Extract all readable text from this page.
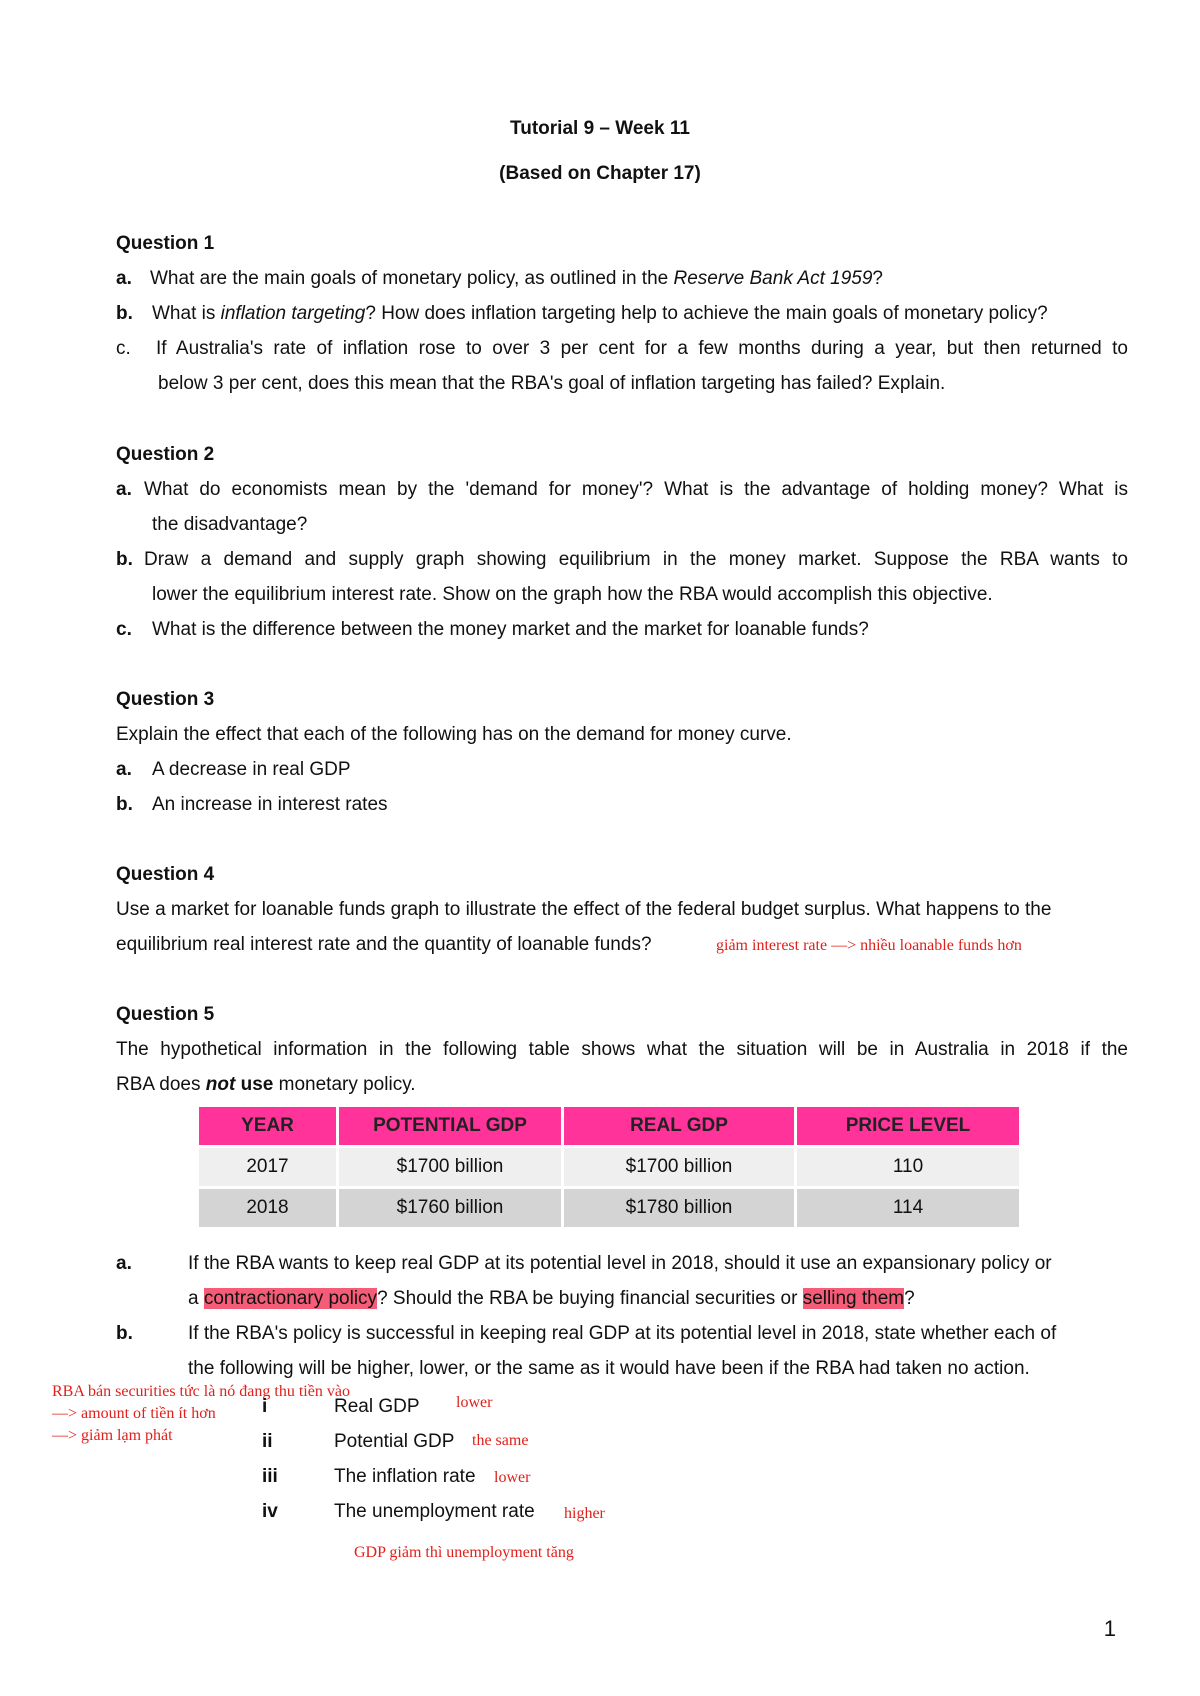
Tutorial 9 – Week 11
(Based on Chapter 17)
Question 1
a. What are the main goals of monetary policy, as outlined in the Reserve Bank Act 1959?
b. What is inflation targeting? How does inflation targeting help to achieve the main goals of monetary policy?
c. If Australia's rate of inflation rose to over 3 per cent for a few months during a year, but then returned to
below 3 per cent, does this mean that the RBA's goal of inflation targeting has failed? Explain.
Question 2
a. What do economists mean by the 'demand for money'? What is the advantage of holding money? What is
the disadvantage?
b. Draw a demand and supply graph showing equilibrium in the money market. Suppose the RBA wants to
lower the equilibrium interest rate. Show on the graph how the RBA would accomplish this objective.
c. What is the difference between the money market and the market for loanable funds?
Question 3
Explain the effect that each of the following has on the demand for money curve.
a. A decrease in real GDP
b. An increase in interest rates
Question 4
Use a market for loanable funds graph to illustrate the effect of the federal budget surplus. What happens to the
equilibrium real interest rate and the quantity of loanable funds?	giảm interest rate —> nhiều loanable funds hơn
Question 5
The hypothetical information in the following table shows what the situation will be in Australia in 2018 if the
RBA does not use monetary policy.
YEAR	POTENTIAL GDP	REAL GDP	PRICE LEVEL
2017	$1700 billion	$1700 billion	110
2018	$1760 billion	$1780 billion	114
a.	If the RBA wants to keep real GDP at its potential level in 2018, should it use an expansionary policy or
a contractionary policy? Should the RBA be buying financial securities or selling them?
b.	If the RBA's policy is successful in keeping real GDP at its potential level in 2018, state whether each of
the following will be higher, lower, or the same as it would have been if the RBA had taken no action.
RBA bán securities tức là nó đang thu tiền vào
—> amount of tiền ít hơn
—> giảm lạm phát
i	Real GDP lower
ii	Potential GDP the same
iii	The inflation rate lower
iv	The unemployment rate higher
GDP giảm thì unemployment tăng
1
